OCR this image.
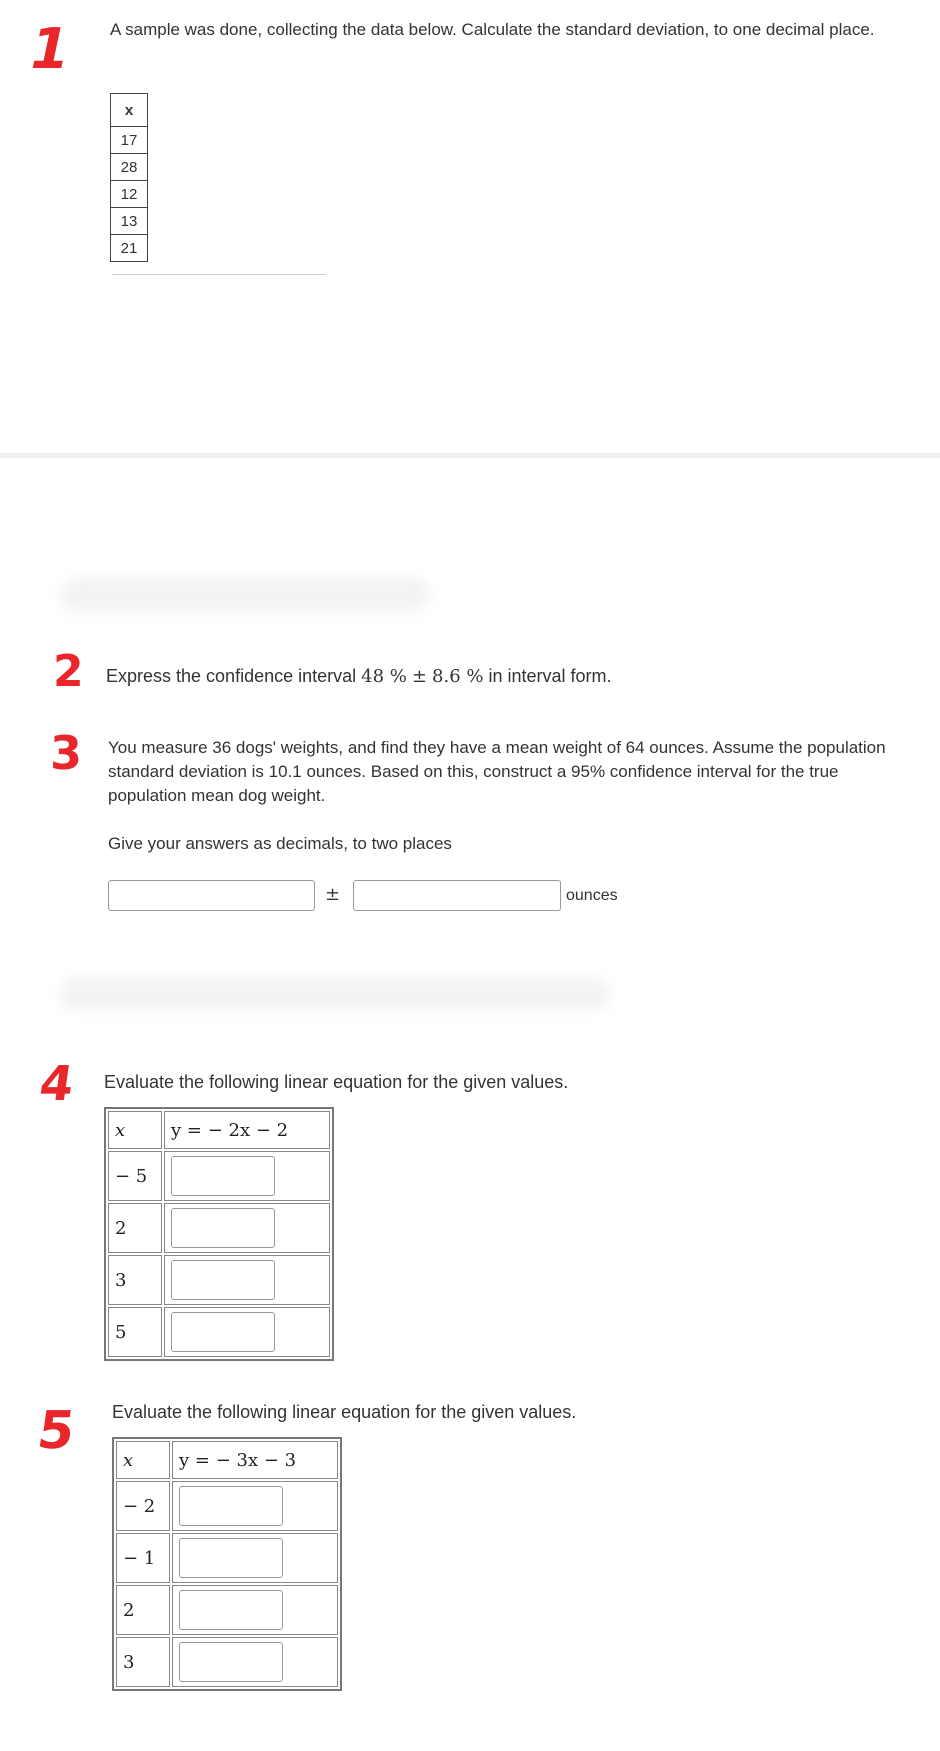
1
2
3
4
5
A sample was done, collecting the data below. Calculate the standard deviation, to one decimal place.
x
17
28
12
13
21
Express the confidence interval 48 % ± 8.6 % in interval form.
You measure 36 dogs' weights, and find they have a mean weight of 64 ounces. Assume the population standard deviation is 10.1 ounces. Based on this, construct a 95% confidence interval for the true population mean dog weight.
Give your answers as decimals, to two places
±	ounces
Evaluate the following linear equation for the given values.
x	y = − 2x − 2
− 5	

2	

3	

5	
Evaluate the following linear equation for the given values.
x	y = − 3x − 3
− 2	

− 1	

2	

3	
